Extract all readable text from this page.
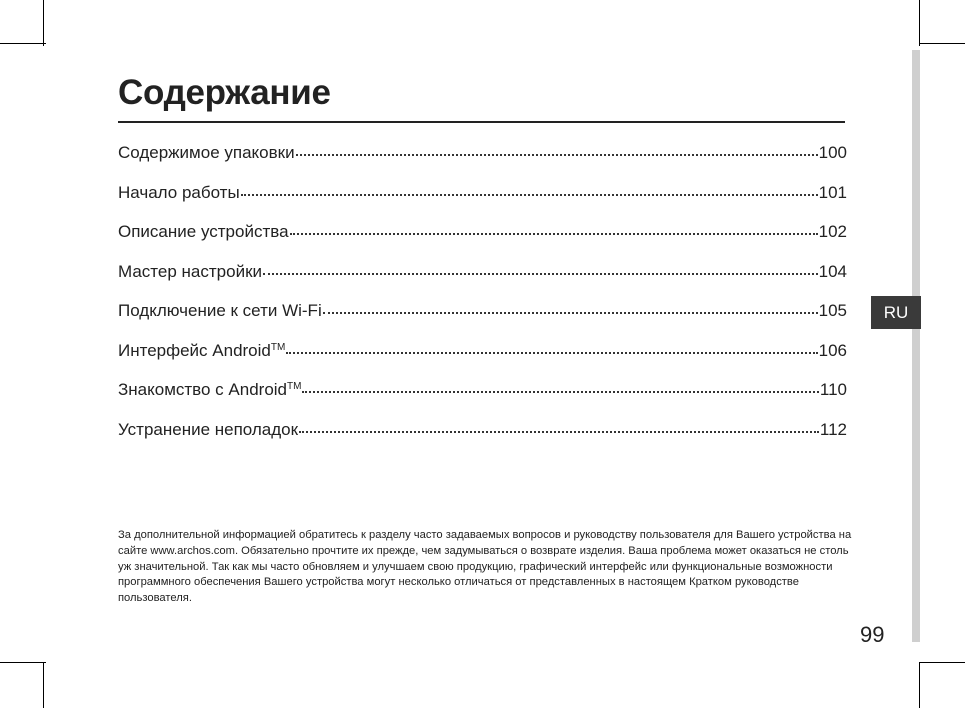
RU
Содержание
Содержимое упаковки	100
Начало работы	101
Описание устройства	102
Мастер настройки	104
Подключение к сети Wi-Fi	105
Интерфейс Android™	106
Знакомство с Android™	110
Устранение неполадок	112

За дополнительной информацией обратитесь к разделу часто задаваемых вопросов и руководству пользователя для Вашего устройства на сайте www.archos.com. Обязательно прочтите их прежде, чем задумываться о возврате изделия. Ваша проблема может оказаться не столь уж значительной. Так как мы часто обновляем и улучшаем свою продукцию, графический интерфейс или функциональные возможности программного обеспечения Вашего устройства могут несколько отличаться от представленных в настоящем Кратком руководстве пользователя.

99
